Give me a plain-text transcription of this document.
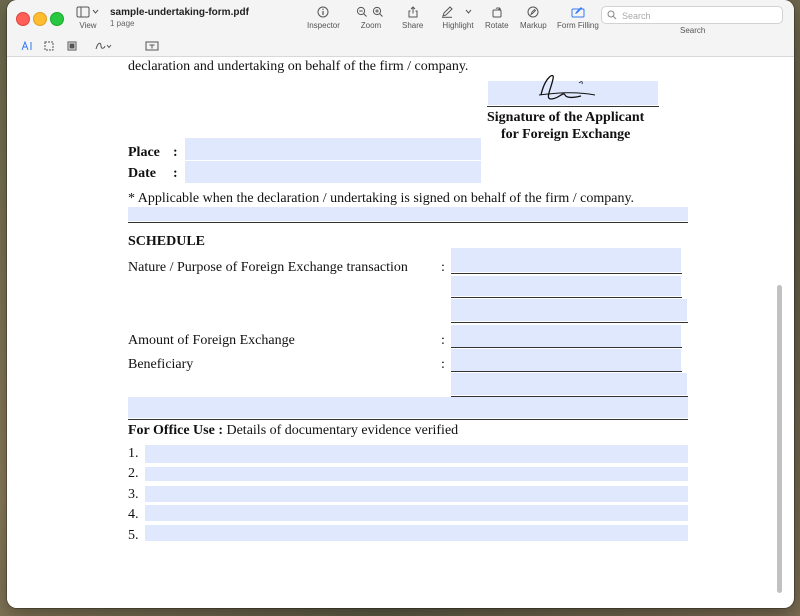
View
sample-undertaking-form.pdf
1 page	Inspector	Zoom	Share Highlight Rotate Markup Form Filling
Search
Search
declaration and undertaking on behalf of the firm / company.
Signature of the Applicant
for Foreign Exchange
Place :
Date :
* Applicable when the declaration / undertaking is signed on behalf of the firm / company.
SCHEDULE
Nature / Purpose of Foreign Exchange transaction :
Amount of Foreign Exchange	:
Beneficiary	:
For Office Use : Details of documentary evidence verified
1.
2.
3.
4.
5.
